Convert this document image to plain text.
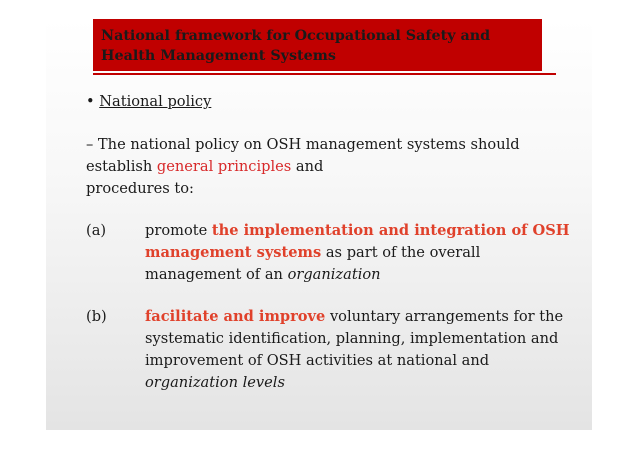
National framework for Occupational Safety and
Health Management Systems
• National policy
– The national policy on OSH management systems should
establish general principles and
procedures to:
(a)	promote the implementation and integration of OSH
management systems as part of the overall
management of an organization
(b)	facilitate and improve voluntary arrangements for the
systematic identification, planning, implementation and
improvement of OSH activities at national and
organization levels
